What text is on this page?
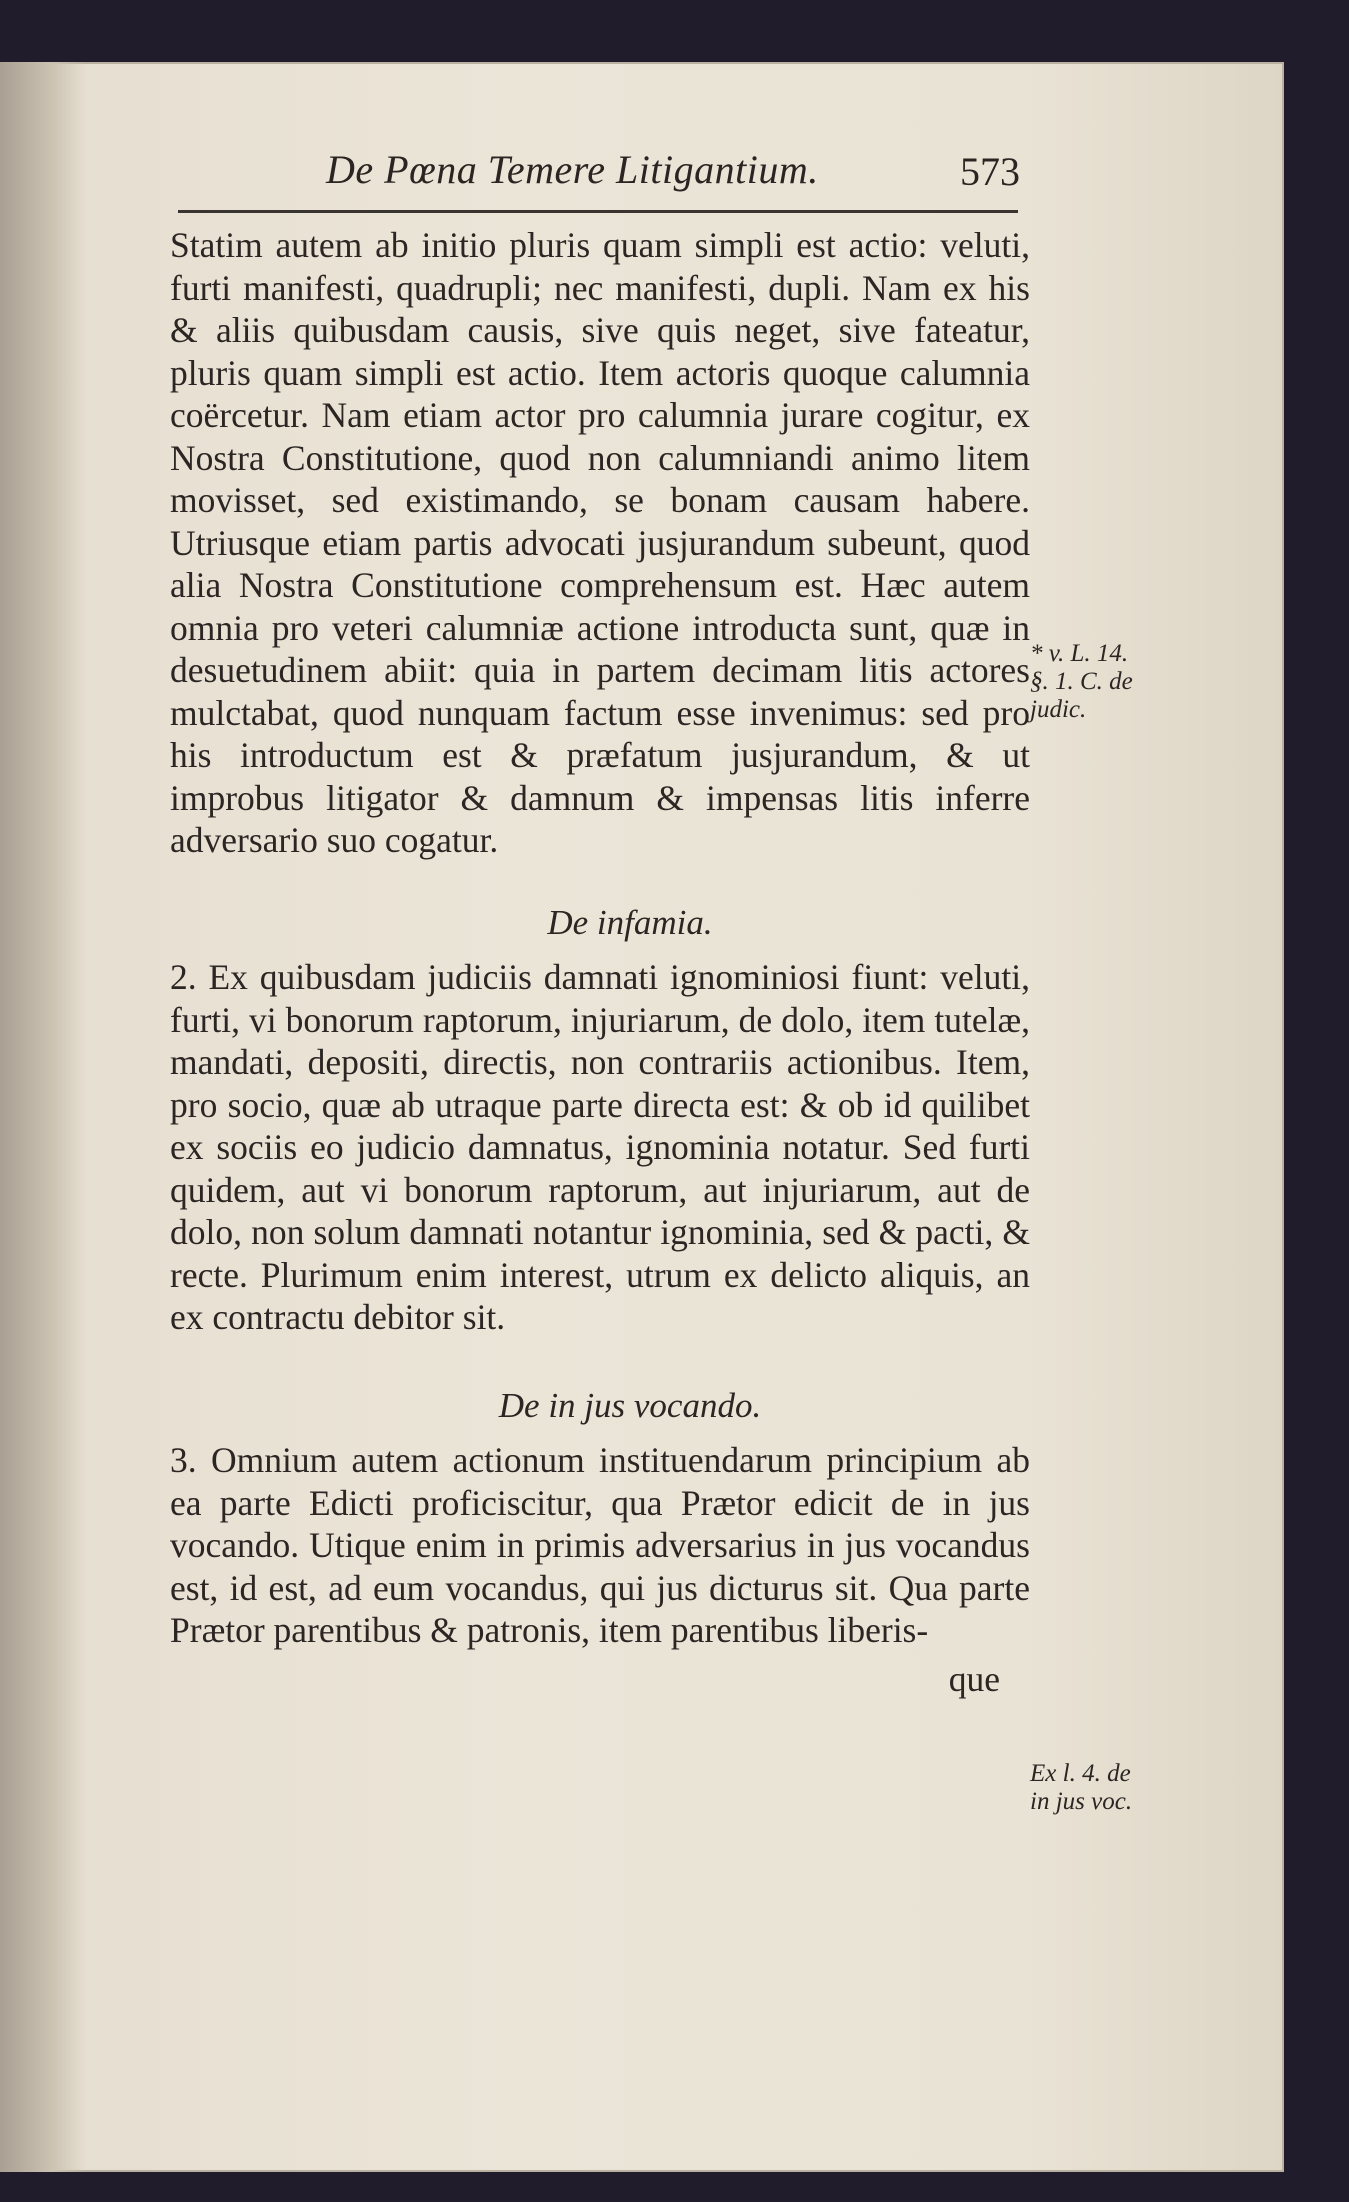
De Pœna Temere Litigantium.	573

Statim autem ab initio pluris quam simpli est actio: veluti, furti manifesti, quadrupli; nec manifesti, dupli. Nam ex his & aliis quibusdam causis, sive quis neget, sive fateatur, pluris quam simpli est actio. Item actoris quoque calumnia coërcetur. Nam etiam actor pro calumnia jurare cogitur, ex Nostra Constitutione, quod non calumniandi animo litem movisset, sed existimando, se bonam causam habere. Utriusque etiam partis advocati jusjurandum subeunt, quod alia Nostra Constitutione comprehensum est. Hæc autem omnia pro veteri calumniæ actione introducta sunt, quæ in desuetudinem abiit: quia in partem decimam litis actores mulctabat, quod nunquam factum esse invenimus: sed pro his introductum est & præfatum jusjurandum, & ut improbus litigator & damnum & impensas litis inferre adversario suo cogatur.

De infamia.

2. Ex quibusdam judiciis damnati ignominiosi fiunt: veluti, furti, vi bonorum raptorum, injuriarum, de dolo, item tutelæ, mandati, depositi, directis, non contrariis actionibus. Item, pro socio, quæ ab utraque parte directa est: & ob id quilibet ex sociis eo judicio damnatus, ignominia notatur. Sed furti quidem, aut vi bonorum raptorum, aut injuriarum, aut de dolo, non solum damnati notantur ignominia, sed & pacti, & recte. Plurimum enim interest, utrum ex delicto aliquis, an ex contractu debitor sit.

De in jus vocando.

3. Omnium autem actionum instituendarum principium ab ea parte Edicti proficiscitur, qua Prætor edicit de in jus vocando. Utique enim in primis adversarius in jus vocandus est, id est, ad eum vocandus, qui jus dicturus sit. Qua parte Prætor parentibus & patronis, item parentibus liberis-

que
* v. L. 14.
§. 1. C. de
judic.
Ex l. 4. de
in jus voc.
